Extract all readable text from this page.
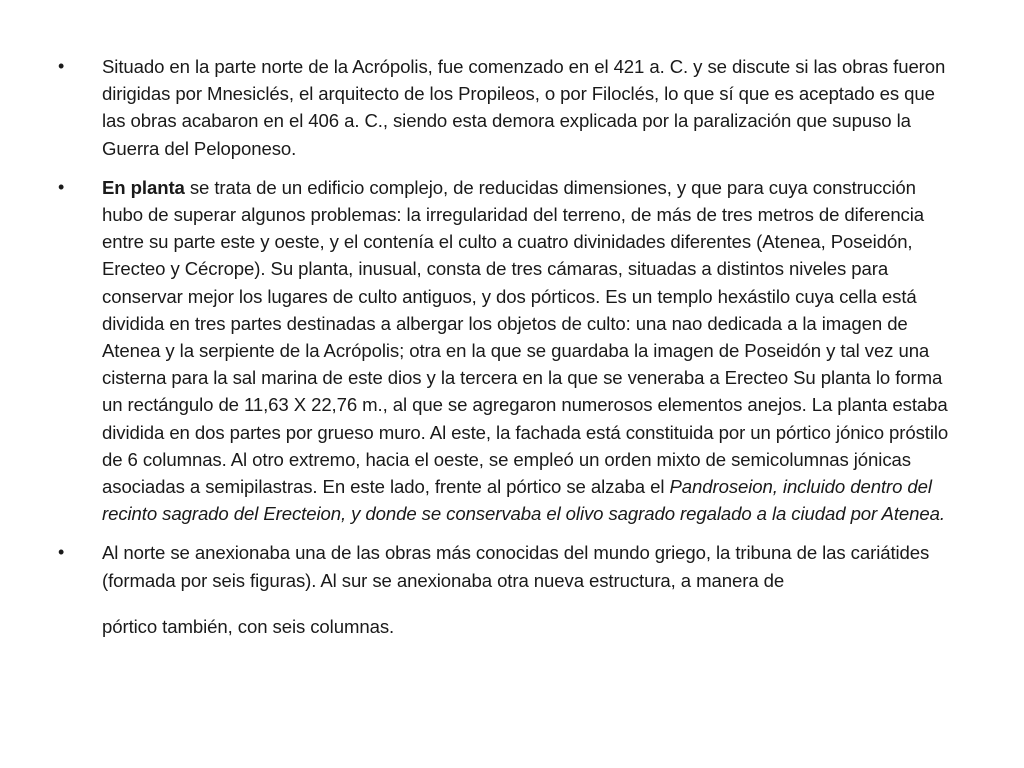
•	Situado en la parte norte de la Acrópolis, fue comenzado en el 421 a. C. y se discute si las obras fueron dirigidas por Mnesiclés, el arquitecto de los Propileos, o por Filoclés, lo que sí que es aceptado es que las obras acabaron en el 406 a. C., siendo esta demora explicada por la paralización que supuso la Guerra del Peloponeso.
•	En planta se trata de un edificio complejo, de reducidas dimensiones, y que para cuya construcción hubo de superar algunos problemas: la irregularidad del terreno, de más de tres metros de diferencia entre su parte este y oeste, y el contenía el culto a cuatro divinidades diferentes (Atenea, Poseidón, Erecteo y Cécrope). Su planta, inusual, consta de tres cámaras, situadas a distintos niveles para conservar mejor los lugares de culto antiguos, y dos pórticos. Es un templo hexástilo cuya cella está dividida en tres partes destinadas a albergar los objetos de culto: una nao dedicada a la imagen de Atenea y la serpiente de la Acrópolis; otra en la que se guardaba la imagen de Poseidón y tal vez una cisterna para la sal marina de este dios y la tercera en la que se veneraba a Erecteo Su planta lo forma un rectángulo de 11,63 X 22,76 m., al que se agregaron numerosos elementos anejos. La planta estaba dividida en dos partes por grueso muro. Al este, la fachada está constituida por un pórtico jónico próstilo de 6 columnas. Al otro extremo, hacia el oeste, se empleó un orden mixto de semicolumnas jónicas asociadas a semipilastras. En este lado, frente al pórtico se alzaba el Pandroseion, incluido dentro del recinto sagrado del Erecteion, y donde se conservaba el olivo sagrado regalado a la ciudad por Atenea.
•	Al norte se anexionaba una de las obras más conocidas del mundo griego, la tribuna de las cariátides (formada por seis figuras). Al sur se anexionaba otra nueva estructura, a manera de
pórtico también, con seis columnas.
